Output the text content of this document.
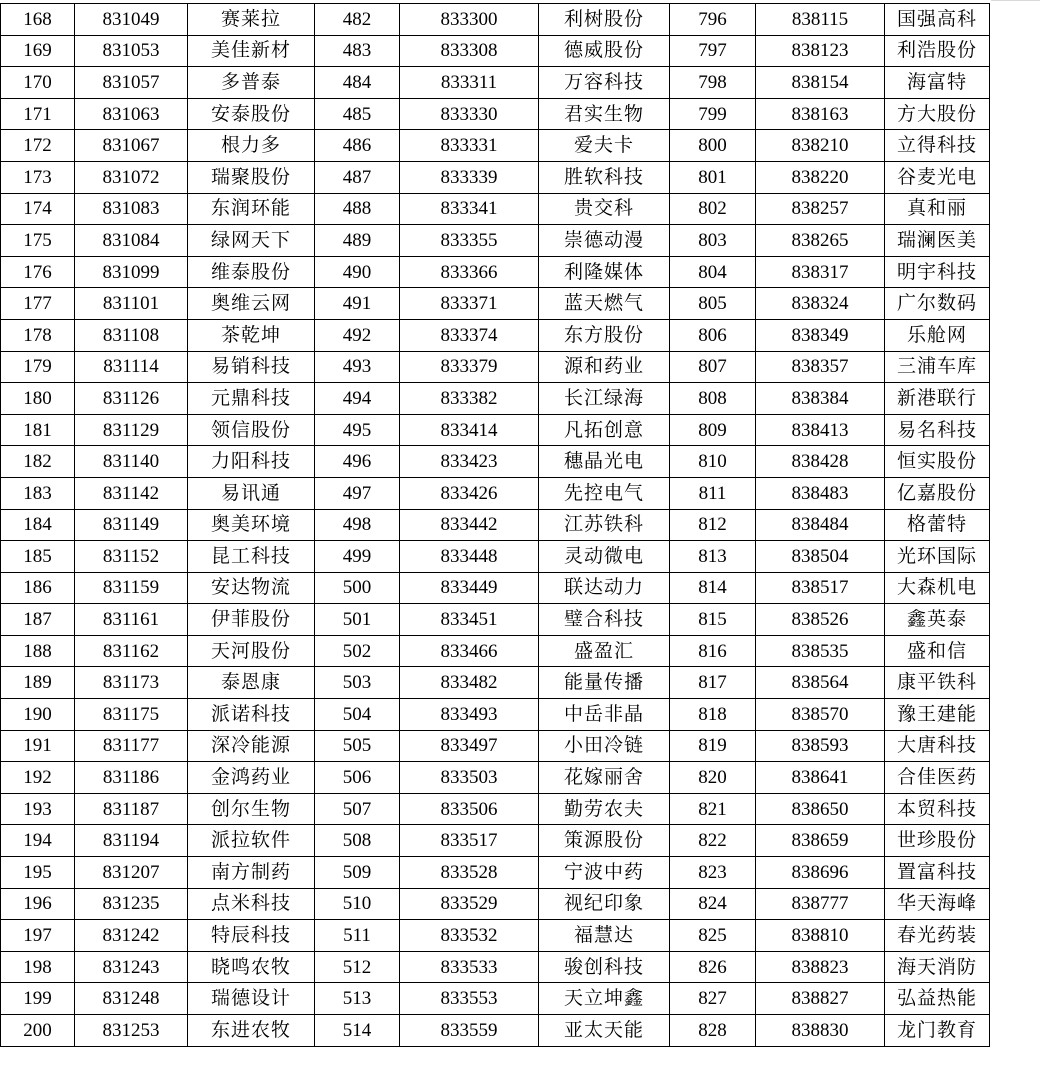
168	831049	赛莱拉	482	833300	利树股份	796	838115	国强高科
169	831053	美佳新材	483	833308	德威股份	797	838123	利浩股份
170	831057	多普泰	484	833311	万容科技	798	838154	海富特
171	831063	安泰股份	485	833330	君实生物	799	838163	方大股份
172	831067	根力多	486	833331	爱夫卡	800	838210	立得科技
173	831072	瑞聚股份	487	833339	胜软科技	801	838220	谷麦光电
174	831083	东润环能	488	833341	贵交科	802	838257	真和丽
175	831084	绿网天下	489	833355	崇德动漫	803	838265	瑞澜医美
176	831099	维泰股份	490	833366	利隆媒体	804	838317	明宇科技
177	831101	奥维云网	491	833371	蓝天燃气	805	838324	广尔数码
178	831108	茶乾坤	492	833374	东方股份	806	838349	乐舱网
179	831114	易销科技	493	833379	源和药业	807	838357	三浦车库
180	831126	元鼎科技	494	833382	长江绿海	808	838384	新港联行
181	831129	领信股份	495	833414	凡拓创意	809	838413	易名科技
182	831140	力阳科技	496	833423	穗晶光电	810	838428	恒实股份
183	831142	易讯通	497	833426	先控电气	811	838483	亿嘉股份
184	831149	奥美环境	498	833442	江苏铁科	812	838484	格蕾特
185	831152	昆工科技	499	833448	灵动微电	813	838504	光环国际
186	831159	安达物流	500	833449	联达动力	814	838517	大森机电
187	831161	伊菲股份	501	833451	璧合科技	815	838526	鑫英泰
188	831162	天河股份	502	833466	盛盈汇	816	838535	盛和信
189	831173	泰恩康	503	833482	能量传播	817	838564	康平铁科
190	831175	派诺科技	504	833493	中岳非晶	818	838570	豫王建能
191	831177	深冷能源	505	833497	小田冷链	819	838593	大唐科技
192	831186	金鸿药业	506	833503	花嫁丽舍	820	838641	合佳医药
193	831187	创尔生物	507	833506	勤劳农夫	821	838650	本贸科技
194	831194	派拉软件	508	833517	策源股份	822	838659	世珍股份
195	831207	南方制药	509	833528	宁波中药	823	838696	置富科技
196	831235	点米科技	510	833529	视纪印象	824	838777	华天海峰
197	831242	特辰科技	511	833532	福慧达	825	838810	春光药装
198	831243	晓鸣农牧	512	833533	骏创科技	826	838823	海天消防
199	831248	瑞德设计	513	833553	天立坤鑫	827	838827	弘益热能
200	831253	东进农牧	514	833559	亚太天能	828	838830	龙门教育
